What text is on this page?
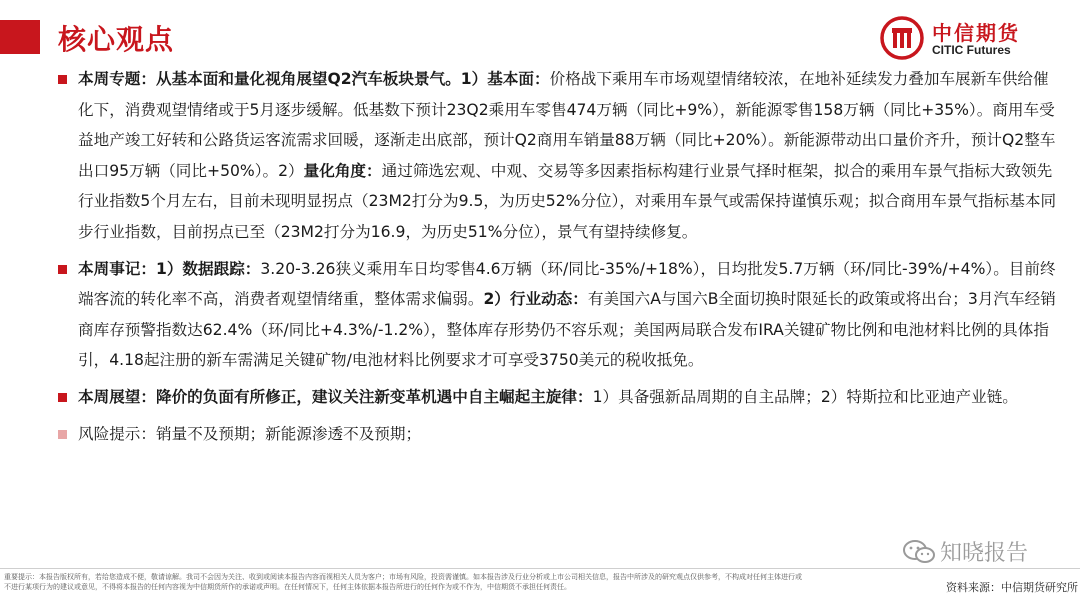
核心观点	中信期货
CITIC Futures

本周专题：从基本面和量化视角展望Q2汽车板块景气。1）基本面：价格战下乘用车市场观望情绪较浓，在地补延续发力叠加车展新车供给催化下，消费观望情绪或于5月逐步缓解。低基数下预计23Q2乘用车零售474万辆（同比+9%），新能源零售158万辆（同比+35%）。商用车受益地产竣工好转和公路货运客流需求回暖，逐渐走出底部，预计Q2商用车销量88万辆（同比+20%）。新能源带动出口量价齐升，预计Q2整车出口95万辆（同比+50%）。2）量化角度：通过筛选宏观、中观、交易等多因素指标构建行业景气择时框架，拟合的乘用车景气指标大致领先行业指数5个月左右，目前未现明显拐点（23M2打分为9.5，为历史52%分位），对乘用车景气或需保持谨慎乐观；拟合商用车景气指标基本同步行业指数，目前拐点已至（23M2打分为16.9，为历史51%分位），景气有望持续修复。

本周事记：1）数据跟踪：3.20-3.26狭义乘用车日均零售4.6万辆（环/同比-35%/+18%），日均批发5.7万辆（环/同比-39%/+4%）。目前终端客流的转化率不高，消费者观望情绪重，整体需求偏弱。2）行业动态：有美国六A与国六B全面切换时限延长的政策或将出台；3月汽车经销商库存预警指数达62.4%（环/同比+4.3%/-1.2%），整体库存形势仍不容乐观；美国两局联合发布IRA关键矿物比例和电池材料比例的具体指引，4.18起注册的新车需满足关键矿物/电池材料比例要求才可享受3750美元的税收抵免。

本周展望：降价的负面有所修正，建议关注新变革机遇中自主崛起主旋律：1）具备强新品周期的自主品牌；2）特斯拉和比亚迪产业链。

风险提示：销量不及预期；新能源渗透不及预期；

知晓报告
重要提示：本报告版权所有，若给您造成不便，敬请谅解。我司不会因为关注、收到或阅读本报告内容而视相关人员为客户；市场有风险，投资需谨慎。如本报告涉及行业分析或上市公司相关信息，报告中所涉及的研究观点仅供参考，不构成对任何主体进行或不进行某项行为的建议或意见，不得将本报告的任何内容视为中信期货所作的承诺或声明。在任何情况下，任何主体依据本报告所进行的任何作为或不作为，中信期货不承担任何责任。	资料来源：中信期货研究所
